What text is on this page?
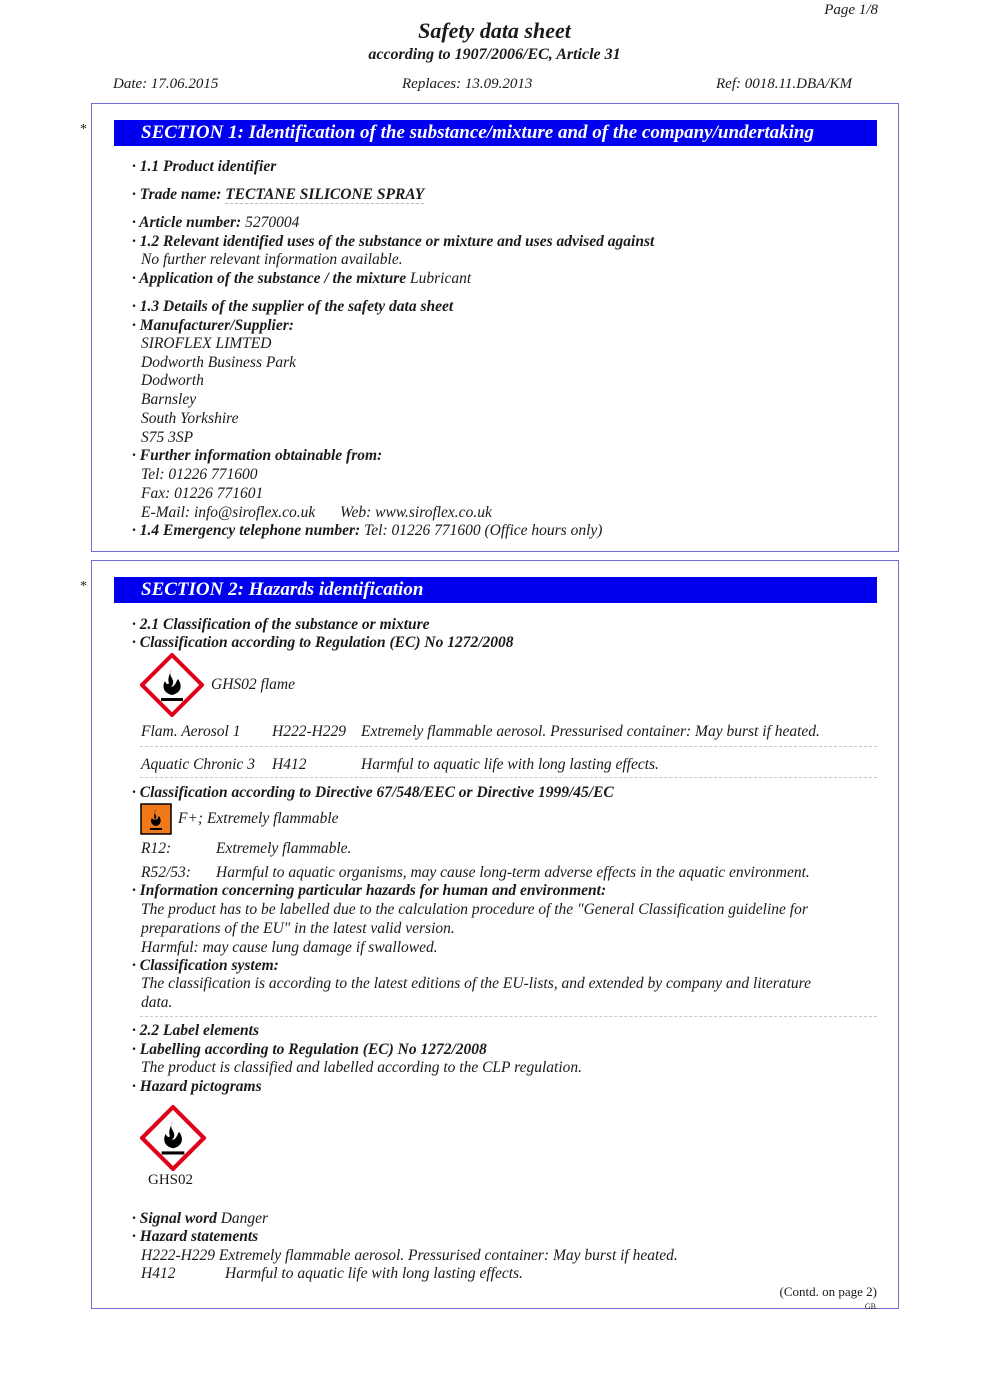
Page 1/8
Safety data sheet
according to 1907/2006/EC, Article 31
Date: 17.06.2015	Replaces: 13.09.2013	Ref: 0018.11.DBA/KM
*	SECTION 1: Identification of the substance/mixture and of the company/undertaking
· 1.1 Product identifier
· Trade name: TECTANE SILICONE SPRAY
· Article number: 5270004
· 1.2 Relevant identified uses of the substance or mixture and uses advised against
No further relevant information available.
· Application of the substance / the mixture Lubricant
· 1.3 Details of the supplier of the safety data sheet
· Manufacturer/Supplier:
SIROFLEX LIMTED
Dodworth Business Park
Dodworth
Barnsley
South Yorkshire
S75 3SP
· Further information obtainable from:
Tel: 01226 771600
Fax: 01226 771601
E-Mail: info@siroflex.co.uk Web: www.siroflex.co.uk
· 1.4 Emergency telephone number: Tel: 01226 771600 (Office hours only)
*	SECTION 2: Hazards identification
· 2.1 Classification of the substance or mixture
· Classification according to Regulation (EC) No 1272/2008
GHS02 flame
Flam. Aerosol 1 H222-H229 Extremely flammable aerosol. Pressurised container: May burst if heated.
Aquatic Chronic 3 H412	Harmful to aquatic life with long lasting effects.
· Classification according to Directive 67/548/EEC or Directive 1999/45/EC
F+; Extremely flammable
R12:	Extremely flammable.
R52/53: Harmful to aquatic organisms, may cause long-term adverse effects in the aquatic environment.
· Information concerning particular hazards for human and environment:
The product has to be labelled due to the calculation procedure of the "General Classification guideline for
preparations of the EU" in the latest valid version.
Harmful: may cause lung damage if swallowed.
· Classification system:
The classification is according to the latest editions of the EU-lists, and extended by company and literature
data.
· 2.2 Label elements
· Labelling according to Regulation (EC) No 1272/2008
The product is classified and labelled according to the CLP regulation.
· Hazard pictograms
GHS02
· Signal word Danger
· Hazard statements
H222-H229 Extremely flammable aerosol. Pressurised container: May burst if heated.
H412	Harmful to aquatic life with long lasting effects.
(Contd. on page 2)
GB
